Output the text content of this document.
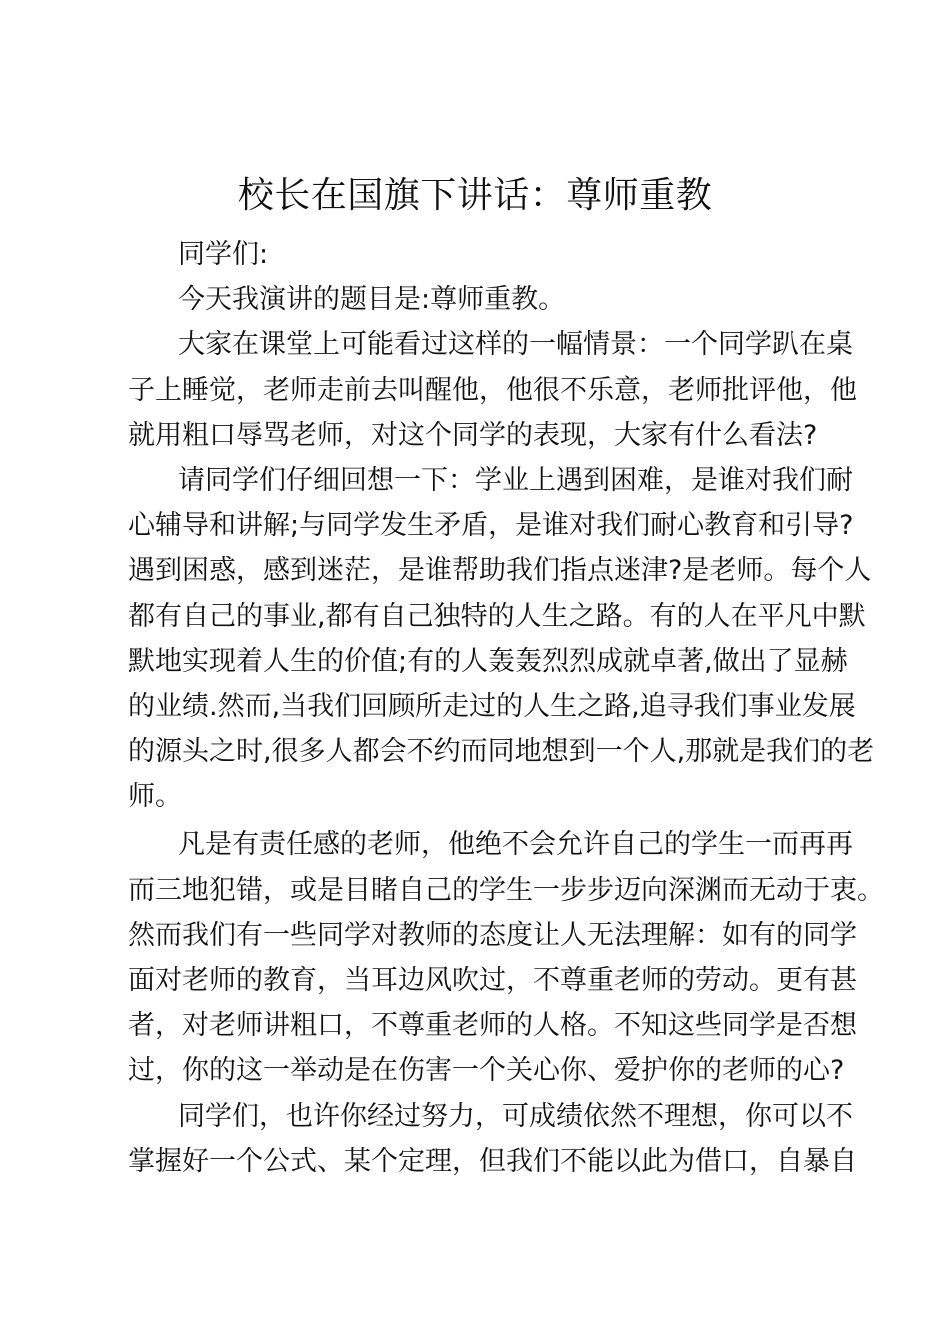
校长在国旗下讲话：尊师重教
同学们:
今天我演讲的题目是:尊师重教。
大家在课堂上可能看过这样的一幅情景：一个同学趴在桌
子上睡觉，老师走前去叫醒他，他很不乐意，老师批评他，他
就用粗口辱骂老师，对这个同学的表现，大家有什么看法?
请同学们仔细回想一下：学业上遇到困难，是谁对我们耐
心辅导和讲解;与同学发生矛盾，是谁对我们耐心教育和引导?
遇到困惑，感到迷茫，是谁帮助我们指点迷津?是老师。每个人
都有自己的事业,都有自己独特的人生之路。有的人在平凡中默
默地实现着人生的价值;有的人轰轰烈烈成就卓著,做出了显赫
的业绩.然而,当我们回顾所走过的人生之路,追寻我们事业发展
的源头之时,很多人都会不约而同地想到一个人,那就是我们的老
师。
凡是有责任感的老师，他绝不会允许自己的学生一而再再
而三地犯错，或是目睹自己的学生一步步迈向深渊而无动于衷。
然而我们有一些同学对教师的态度让人无法理解：如有的同学
面对老师的教育，当耳边风吹过，不尊重老师的劳动。更有甚
者，对老师讲粗口，不尊重老师的人格。不知这些同学是否想
过，你的这一举动是在伤害一个关心你、爱护你的老师的心?
同学们，也许你经过努力，可成绩依然不理想，你可以不
掌握好一个公式、某个定理，但我们不能以此为借口，自暴自
